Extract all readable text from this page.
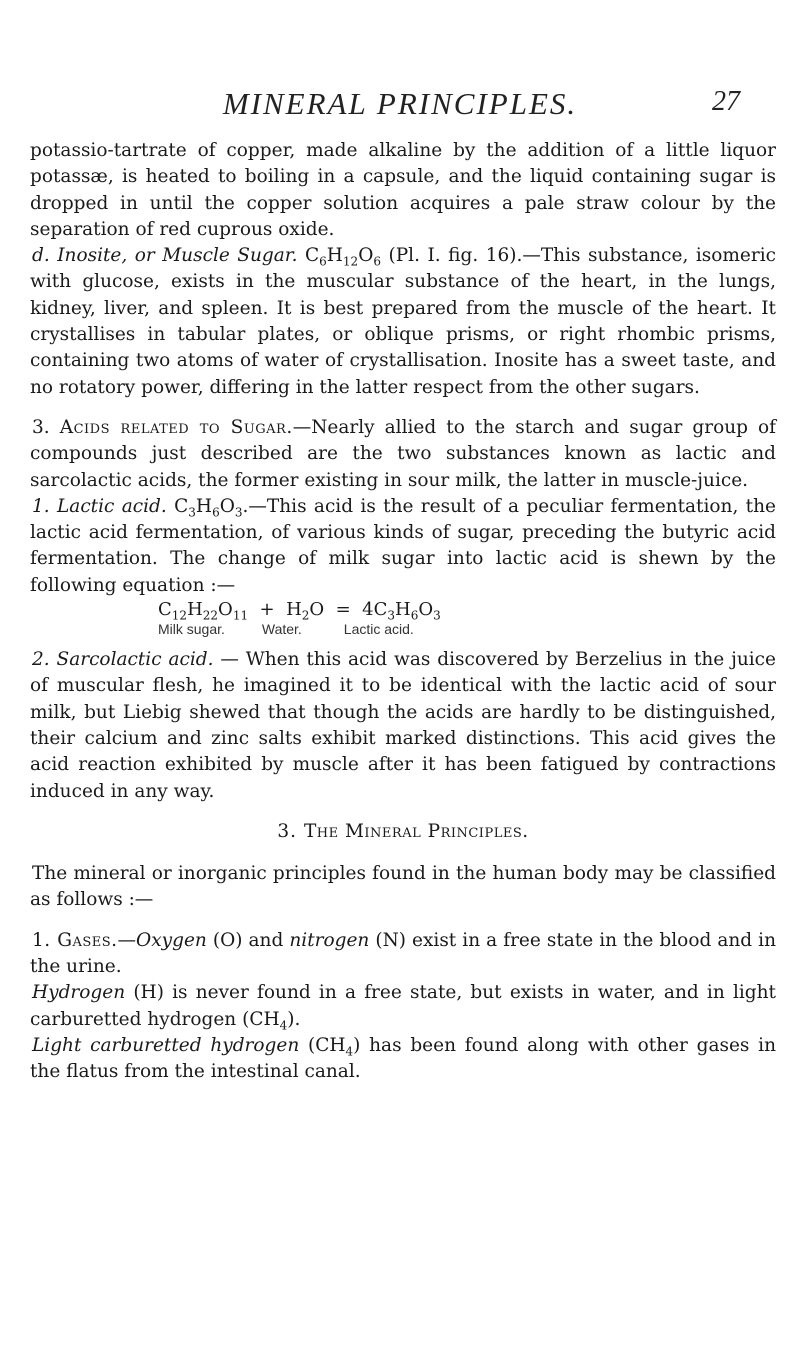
MINERAL PRINCIPLES.	27

potassio-tartrate of copper, made alkaline by the addition of a little liquor potassæ, is heated to boiling in a capsule, and the liquid containing sugar is dropped in until the copper solution acquires a pale straw colour by the separation of red cuprous oxide.

d. Inosite, or Muscle Sugar. $C_6H_{12}O_6$ (Pl. I. fig. 16).—This substance, isomeric with glucose, exists in the muscular substance of the heart, in the lungs, kidney, liver, and spleen. It is best prepared from the muscle of the heart. It crystallises in tabular plates, or oblique prisms, or right rhombic prisms, containing two atoms of water of crystallisation. Inosite has a sweet taste, and no rotatory power, differing in the latter respect from the other sugars.

3. Acids related to Sugar.—Nearly allied to the starch and sugar group of compounds just described are the two substances known as lactic and sarcolactic acids, the former existing in sour milk, the latter in muscle-juice.

1. Lactic acid. $C_3H_6O_3.—This$ acid is the result of a peculiar fermentation, the lactic acid fermentation, of various kinds of sugar, preceding the butyric acid fermentation. The change of milk sugar into lactic acid is shewn by the following equation :—

$C_{12}H_{22}O_{11} + H_2O = 4C_3H_6O_3$
Milk sugar.	Water.	Lactic acid.

2. Sarcolactic acid. — When this acid was discovered by Berzelius in the juice of muscular flesh, he imagined it to be identical with the lactic acid of sour milk, but Liebig shewed that though the acids are hardly to be distinguished, their calcium and zinc salts exhibit marked distinctions. This acid gives the acid reaction exhibited by muscle after it has been fatigued by contractions induced in any way.

3. The Mineral Principles.

The mineral or inorganic principles found in the human body may be classified as follows :—

1. Gases.—Oxygen (O) and nitrogen (N) exist in a free state in the blood and in the urine.

Hydrogen (H) is never found in a free state, but exists in water, and in light carburetted hydrogen $(CH_4)$.

Light carburetted hydrogen $(CH_4)$ has been found along with other gases in the flatus from the intestinal canal.
